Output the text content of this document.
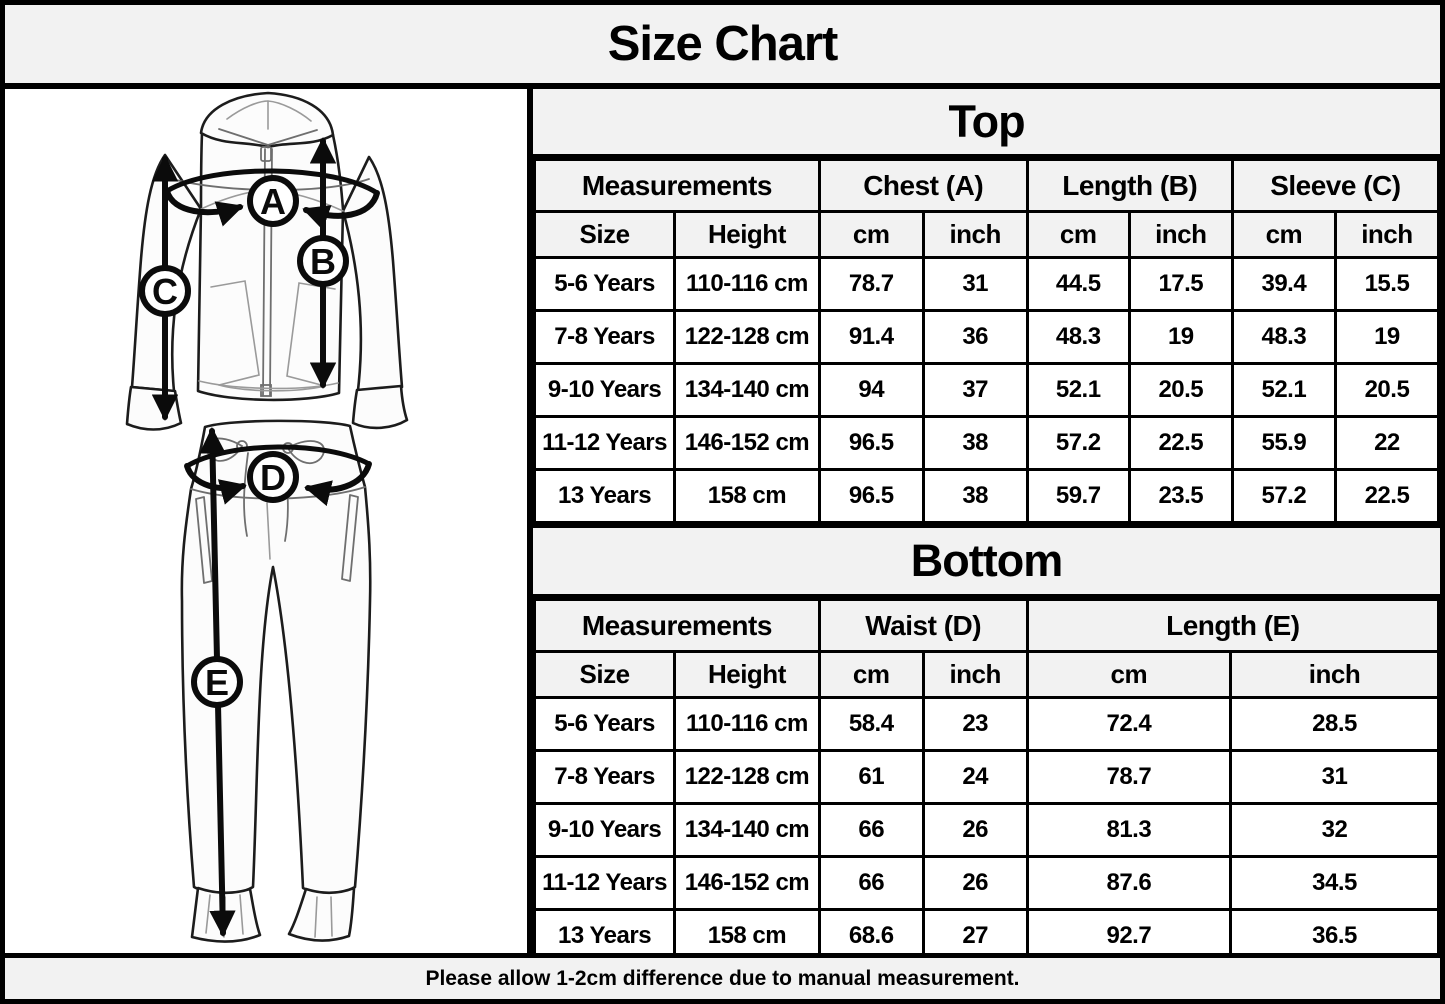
Size Chart
A
B
C
D
E
Top
Measurements		Chest (A)		Length (B)		Sleeve (C)	
Size	Height	cm	inch	cm	inch	cm	inch
5-6 Years	110-116 cm	78.7	31	44.5	17.5	39.4	15.5
7-8 Years	122-128 cm	91.4	36	48.3	19	48.3	19
9-10 Years	134-140 cm	94	37	52.1	20.5	52.1	20.5
11-12 Years	146-152 cm	96.5	38	57.2	22.5	55.9	22
13 Years	158 cm	96.5	38	59.7	23.5	57.2	22.5
Bottom
Measurements		Waist (D)		Length (E)	
Size	Height	cm	inch	cm	inch
5-6 Years	110-116 cm	58.4	23	72.4	28.5
7-8 Years	122-128 cm	61	24	78.7	31
9-10 Years	134-140 cm	66	26	81.3	32
11-12 Years	146-152 cm	66	26	87.6	34.5
13 Years	158 cm	68.6	27	92.7	36.5
Please allow 1-2cm difference due to manual measurement.
